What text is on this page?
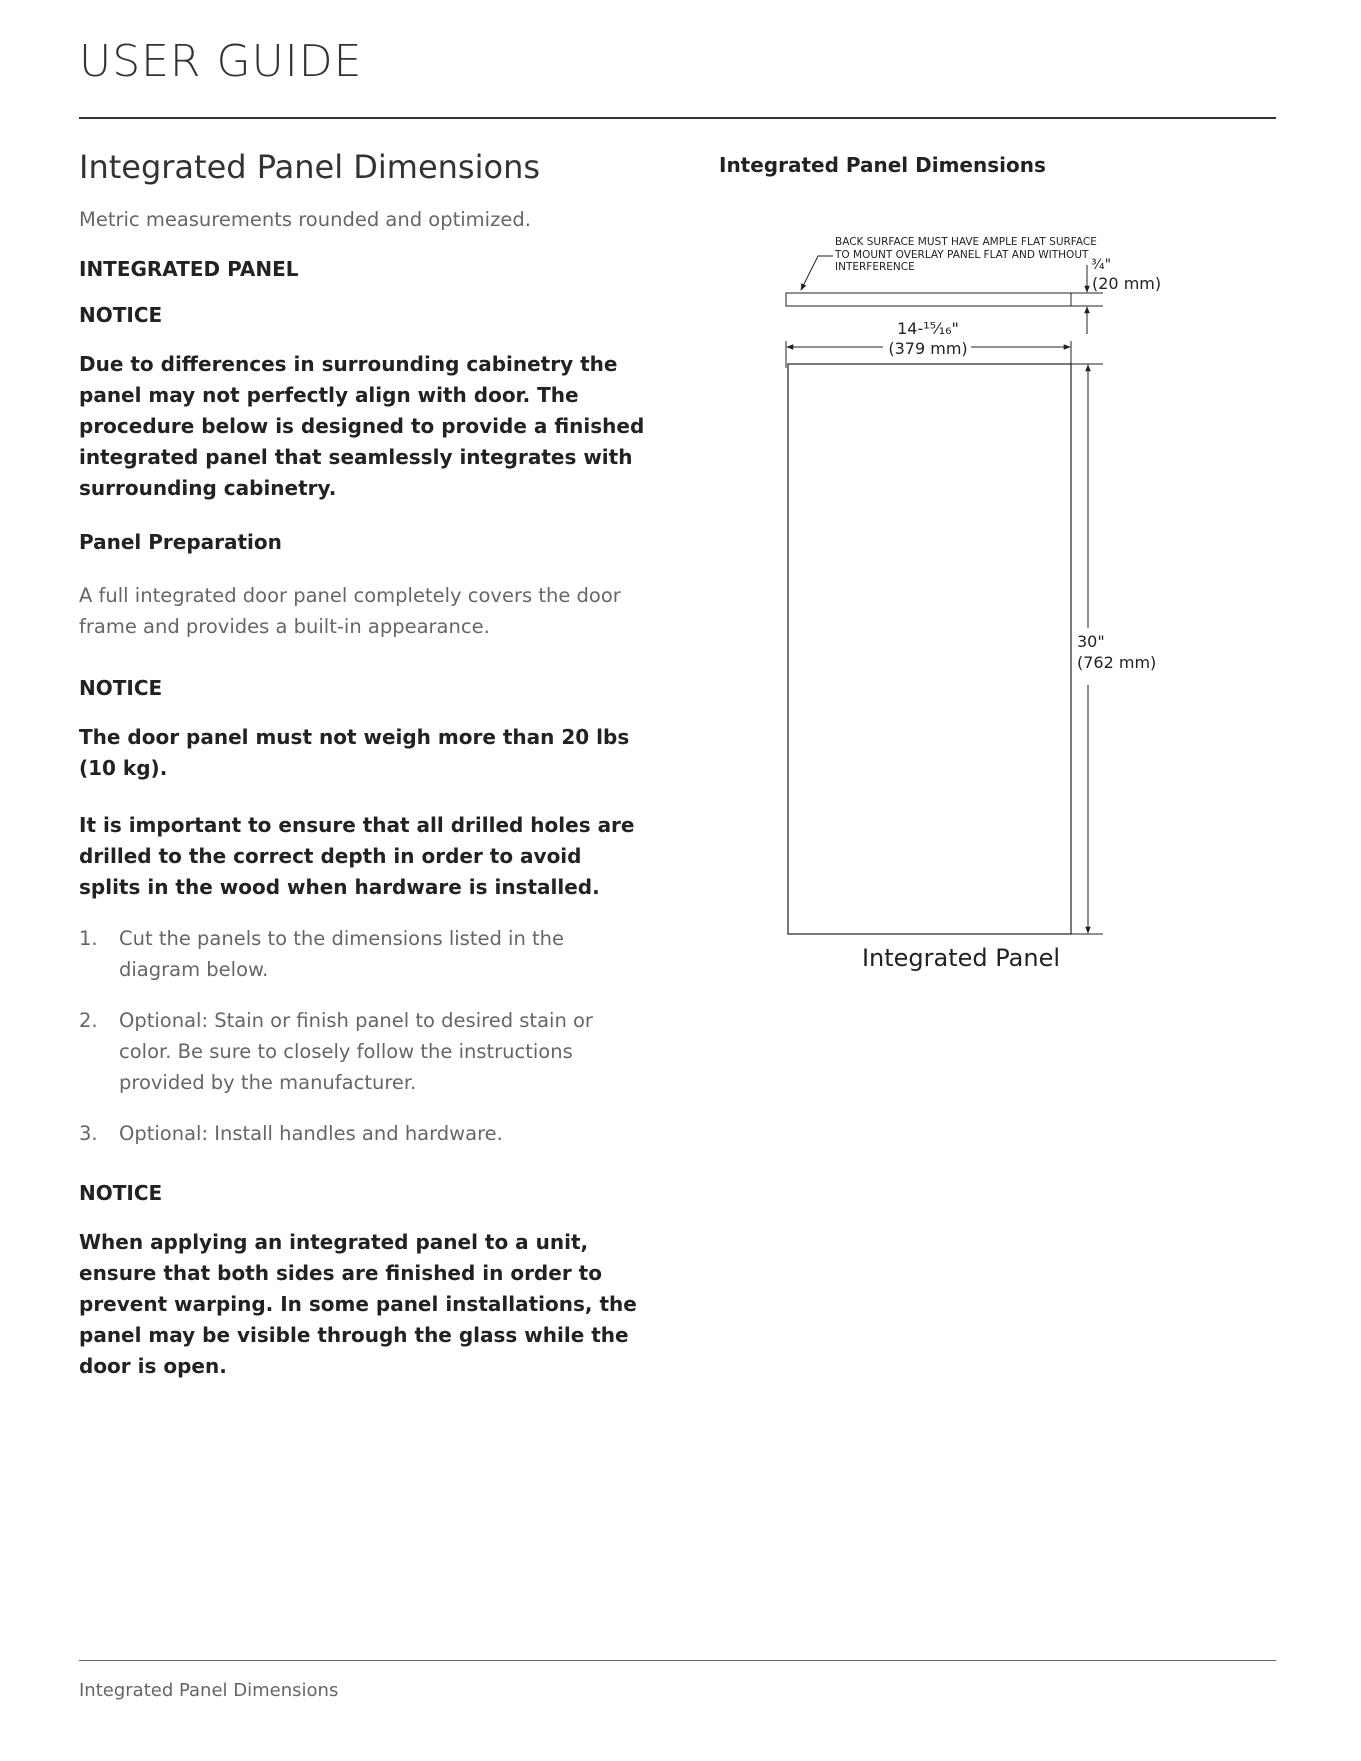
USER GUIDE
Integrated Panel Dimensions

Metric measurements rounded and optimized.

INTEGRATED PANEL
NOTICE

Due to differences in surrounding cabinetry the panel may not perfectly align with door. The procedure below is designed to provide a finished integrated panel that seamlessly integrates with surrounding cabinetry.

Panel Preparation

A full integrated door panel completely covers the door frame and provides a built-in appearance.

NOTICE

The door panel must not weigh more than 20 lbs (10 kg).

It is important to ensure that all drilled holes are drilled to the correct depth in order to avoid splits in the wood when hardware is installed.

1.	Cut the panels to the dimensions listed in the diagram below.
2.	Optional: Stain or finish panel to desired stain or color. Be sure to closely follow the instructions provided by the manufacturer.
3.	Optional: Install handles and hardware.
NOTICE

When applying an integrated panel to a unit, ensure that both sides are finished in order to prevent warping. In some panel installations, the panel may be visible through the glass while the door is open.

Integrated Panel Dimensions
BACK SURFACE MUST HAVE AMPLE FLAT SURFACE
TO MOUNT OVERLAY PANEL FLAT AND WITHOUT
INTERFERENCE	³⁄₄"
(20 mm)
14-¹⁵⁄₁₆"
(379 mm)
30"
(762 mm)
Integrated Panel
Integrated Panel Dimensions
